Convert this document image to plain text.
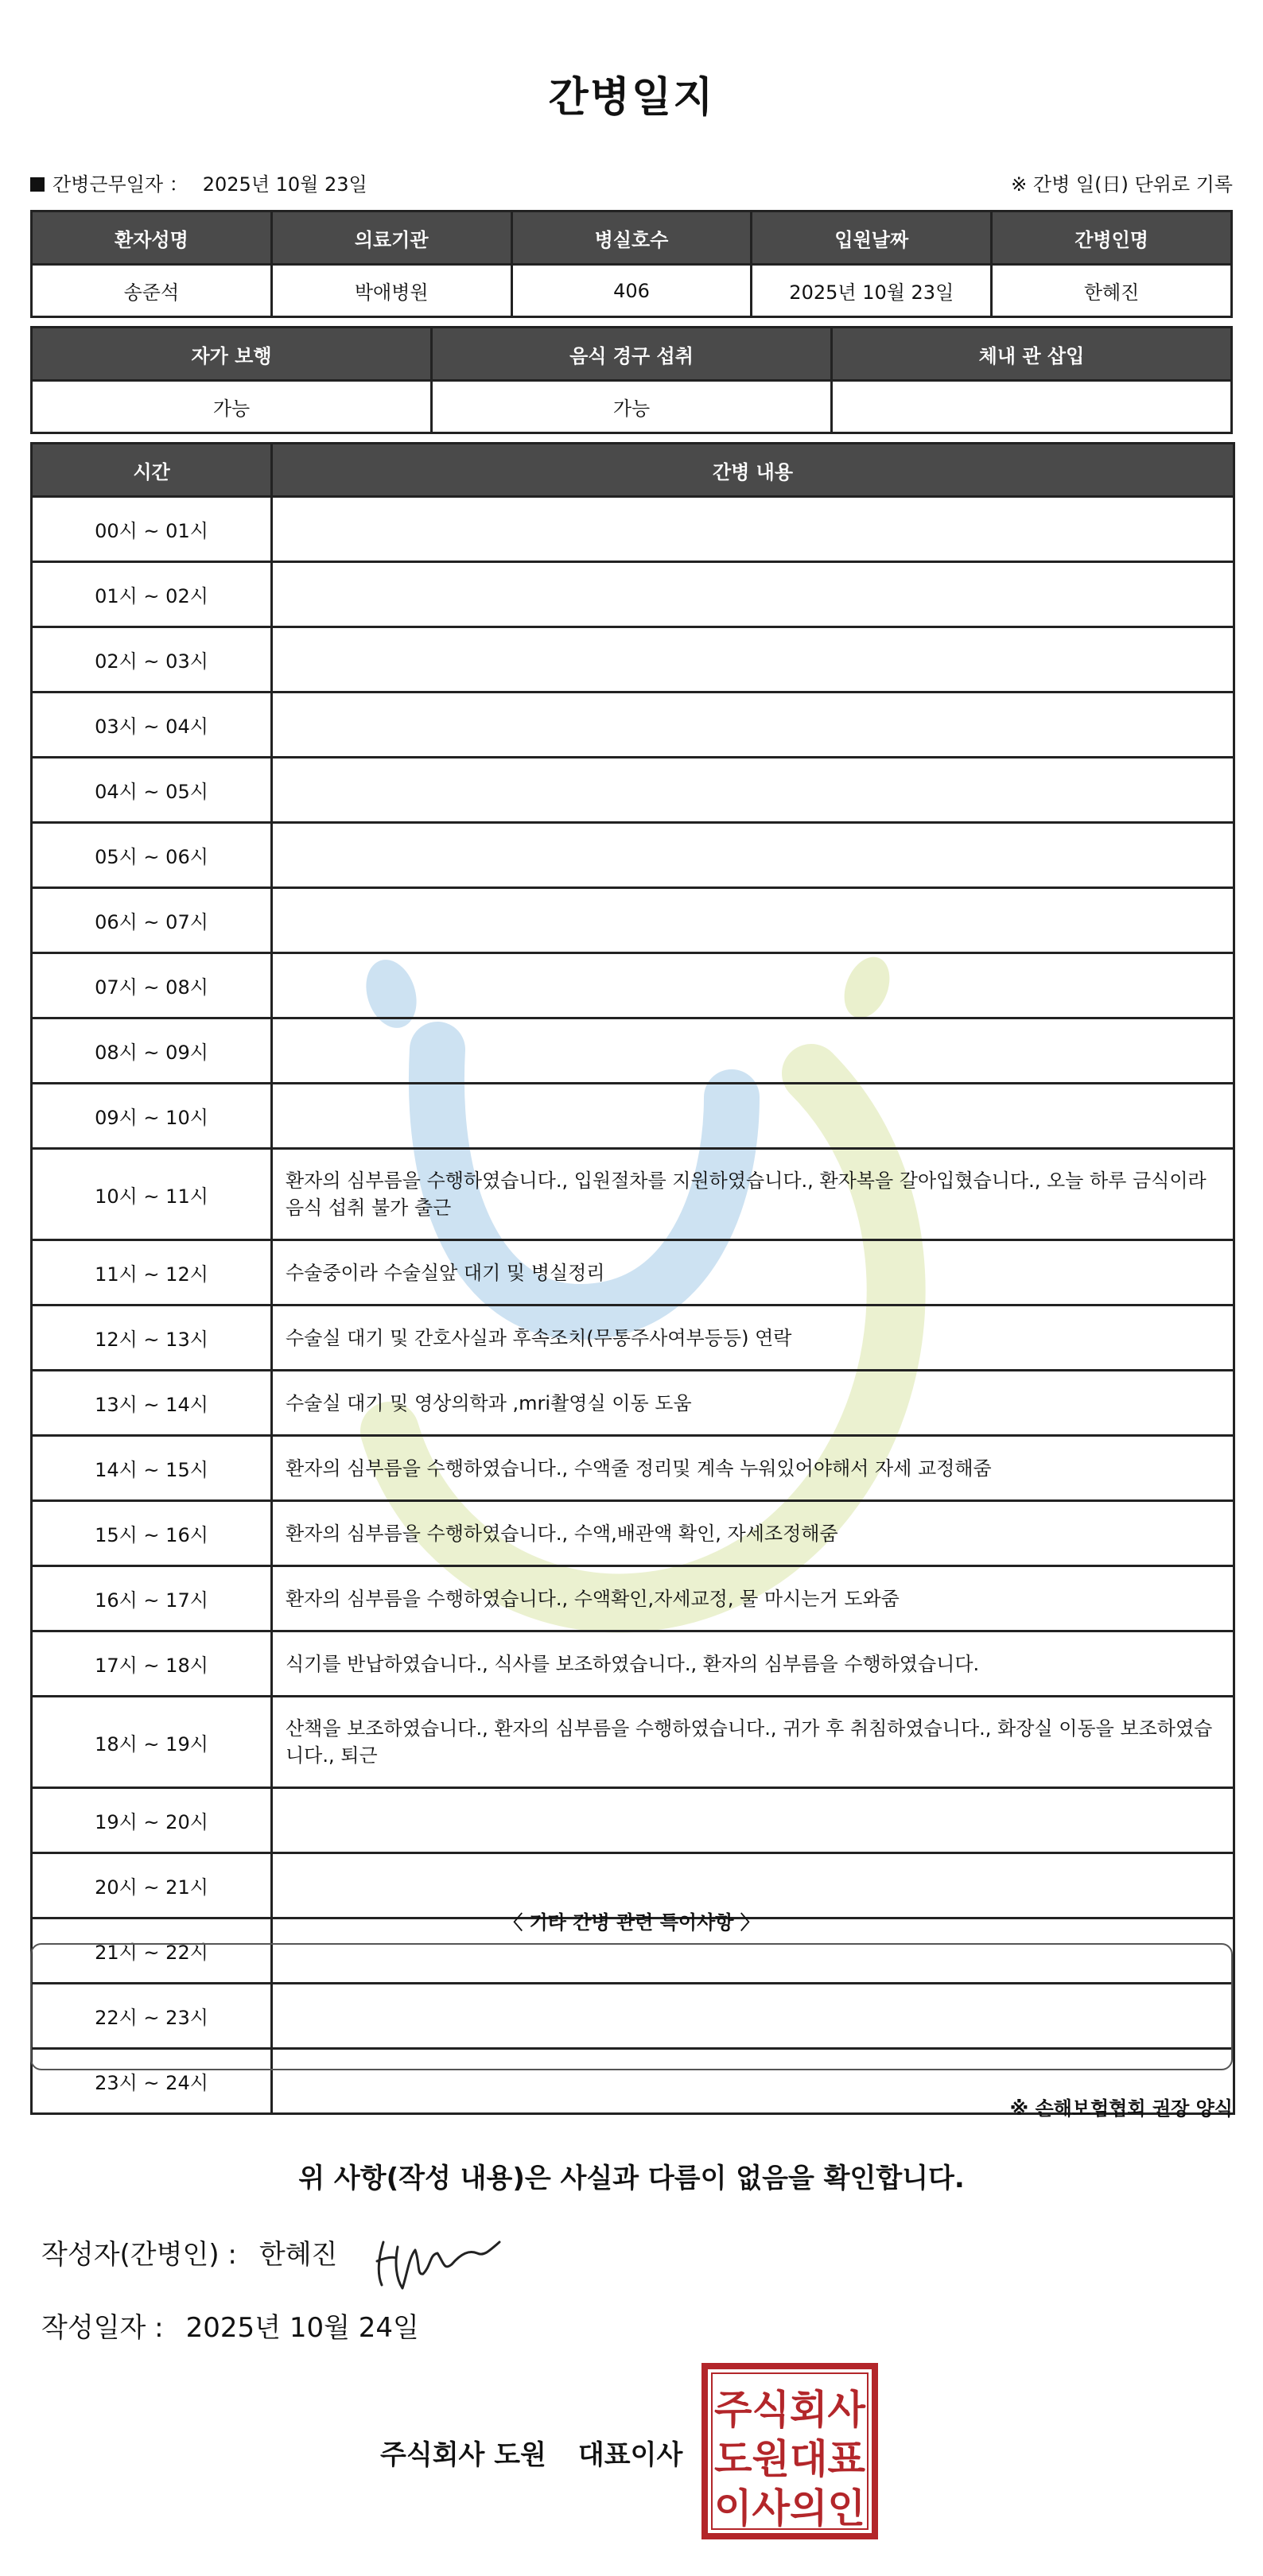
간병일지
간병근무일자 ： 2025년 10월 23일	※ 간병 일(日) 단위로 기록
환자성명	의료기관	병실호수	입원날짜	간병인명
송준석	박애병원	406	2025년 10월 23일	한혜진
자가 보행	음식 경구 섭취	체내 관 삽입
가능	가능	
시간	간병 내용
00시 ~ 01시	
01시 ~ 02시	
02시 ~ 03시	
03시 ~ 04시	
04시 ~ 05시	
05시 ~ 06시	
06시 ~ 07시	
07시 ~ 08시	
08시 ~ 09시	
09시 ~ 10시	
10시 ~ 11시	환자의 심부름을 수행하였습니다., 입원절차를 지원하였습니다., 환자복을 갈아입혔습니다., 오늘 하루 금식이라 음식 섭취 불가 출근
11시 ~ 12시	수술중이라 수술실앞 대기 및 병실정리
12시 ~ 13시	수술실 대기 및 간호사실과 후속조치(무통주사여부등등) 연락
13시 ~ 14시	수술실 대기 및 영상의학과 ,mri촬영실 이동 도움
14시 ~ 15시	환자의 심부름을 수행하였습니다., 수액줄 정리및 계속 누워있어야해서 자세 교정해줌
15시 ~ 16시	환자의 심부름을 수행하였습니다., 수액,배관액 확인, 자세조정해줌
16시 ~ 17시	환자의 심부름을 수행하였습니다., 수액확인,자세교정, 물 마시는거 도와줌
17시 ~ 18시	식기를 반납하였습니다., 식사를 보조하였습니다., 환자의 심부름을 수행하였습니다.
18시 ~ 19시	산책을 보조하였습니다., 환자의 심부름을 수행하였습니다., 귀가 후 취침하였습니다., 화장실 이동을 보조하였습니다., 퇴근
19시 ~ 20시	
20시 ~ 21시	
21시 ~ 22시	
22시 ~ 23시	
23시 ~ 24시	
〈 기타 간병 관련 특이사항 〉
※ 손해보험협회 권장 양식
위 사항(작성 내용)은 사실과 다름이 없음을 확인합니다.
작성자(간병인) : 한혜진
작성일자 : 2025년 10월 24일
주식회사 도원 대표이사
주식회사
도원대표
이사의인
